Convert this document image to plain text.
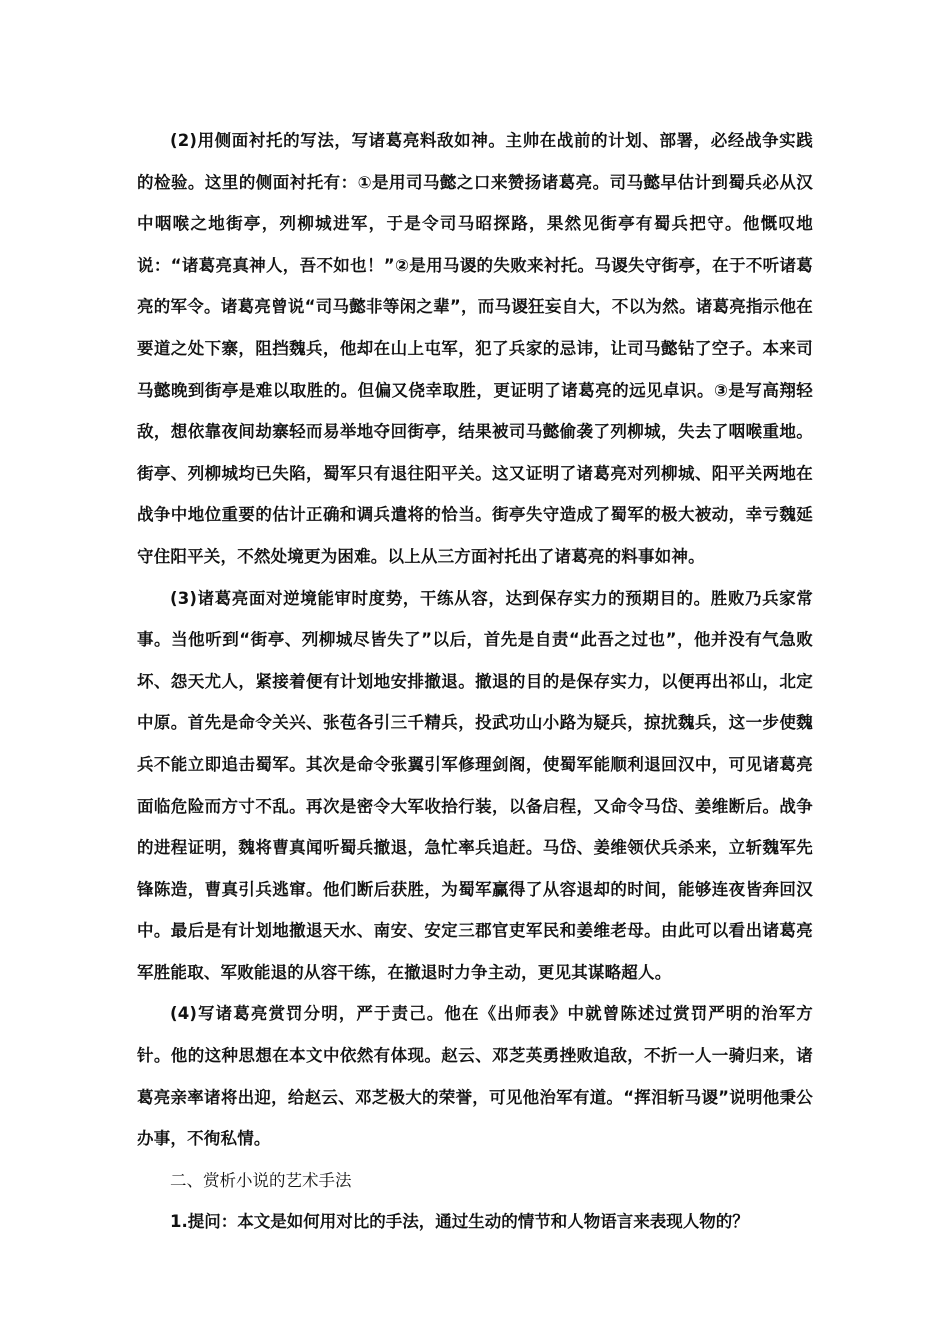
(2)用侧面衬托的写法，写诸葛亮料敌如神。主帅在战前的计划、部署，必经战争实践的检验。这里的侧面衬托有：①是用司马懿之口来赞扬诸葛亮。司马懿早估计到蜀兵必从汉中咽喉之地街亭，列柳城进军，于是令司马昭探路，果然见街亭有蜀兵把守。他慨叹地说：“诸葛亮真神人，吾不如也！”②是用马谡的失败来衬托。马谡失守街亭，在于不听诸葛亮的军令。诸葛亮曾说“司马懿非等闲之辈”，而马谡狂妄自大，不以为然。诸葛亮指示他在要道之处下寨，阻挡魏兵，他却在山上屯军，犯了兵家的忌讳，让司马懿钻了空子。本来司马懿晚到街亭是难以取胜的。但偏又侥幸取胜，更证明了诸葛亮的远见卓识。③是写高翔轻敌，想依靠夜间劫寨轻而易举地夺回街亭，结果被司马懿偷袭了列柳城，失去了咽喉重地。街亭、列柳城均已失陷，蜀军只有退往阳平关。这又证明了诸葛亮对列柳城、阳平关两地在战争中地位重要的估计正确和调兵遣将的恰当。街亭失守造成了蜀军的极大被动，幸亏魏延守住阳平关，不然处境更为困难。以上从三方面衬托出了诸葛亮的料事如神。

(3)诸葛亮面对逆境能审时度势，干练从容，达到保存实力的预期目的。胜败乃兵家常事。当他听到“街亭、列柳城尽皆失了”以后，首先是自责“此吾之过也”，他并没有气急败坏、怨天尤人，紧接着便有计划地安排撤退。撤退的目的是保存实力，以便再出祁山，北定中原。首先是命令关兴、张苞各引三千精兵，投武功山小路为疑兵，掠扰魏兵，这一步使魏兵不能立即追击蜀军。其次是命令张翼引军修理剑阁，使蜀军能顺利退回汉中，可见诸葛亮面临危险而方寸不乱。再次是密令大军收拾行装，以备启程，又命令马岱、姜维断后。战争的进程证明，魏将曹真闻听蜀兵撤退，急忙率兵追赶。马岱、姜维领伏兵杀来，立斩魏军先锋陈造，曹真引兵逃窜。他们断后获胜，为蜀军赢得了从容退却的时间，能够连夜皆奔回汉中。最后是有计划地撤退天水、南安、安定三郡官吏军民和姜维老母。由此可以看出诸葛亮军胜能取、军败能退的从容干练，在撤退时力争主动，更见其谋略超人。

(4)写诸葛亮赏罚分明，严于责己。他在《出师表》中就曾陈述过赏罚严明的治军方针。他的这种思想在本文中依然有体现。赵云、邓芝英勇挫败追敌，不折一人一骑归来，诸葛亮亲率诸将出迎，给赵云、邓芝极大的荣誉，可见他治军有道。“挥泪斩马谡”说明他秉公办事，不徇私情。

二、赏析小说的艺术手法

1.提问：本文是如何用对比的手法，通过生动的情节和人物语言来表现人物的？
